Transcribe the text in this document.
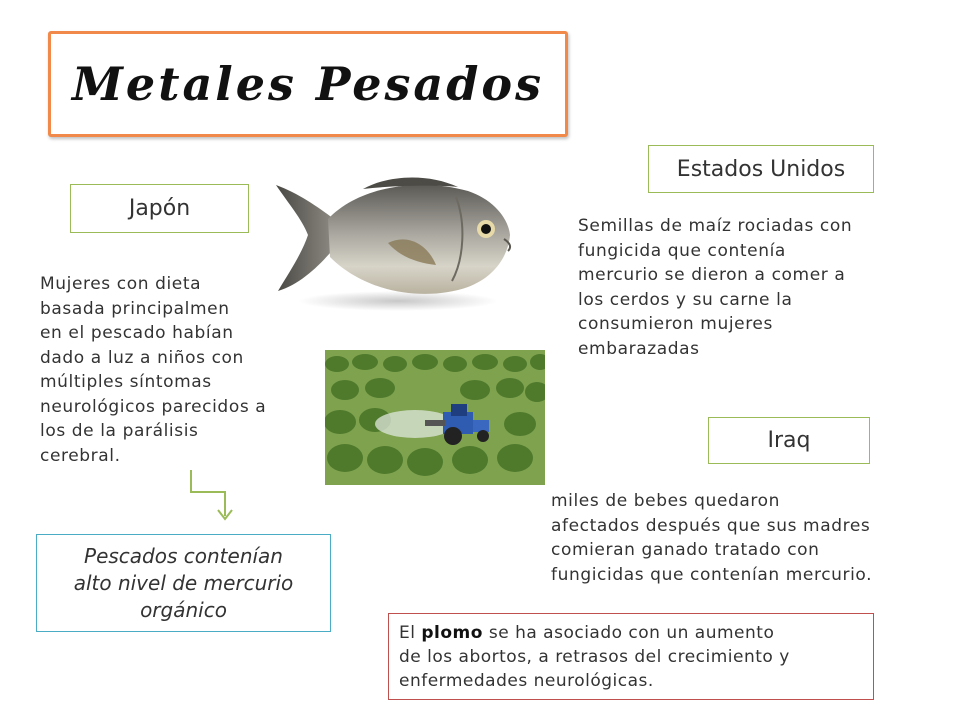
Metales Pesados
Japón
Mujeres con dieta
basada principalmen
en el pescado habían
dado a luz a niños con
múltiples síntomas
neurológicos parecidos a
los de la parálisis
cerebral.
Pescados contenían
alto nivel de mercurio
orgánico
Estados Unidos
Semillas de maíz rociadas con
fungicida que contenía
mercurio se dieron a comer a
los cerdos y su carne la
consumieron mujeres
embarazadas
Iraq
miles de bebes quedaron
afectados después que sus madres
comieran ganado tratado con
fungicidas que contenían mercurio.
El plomo se ha asociado con un aumento
de los abortos, a retrasos del crecimiento y
enfermedades neurológicas.
